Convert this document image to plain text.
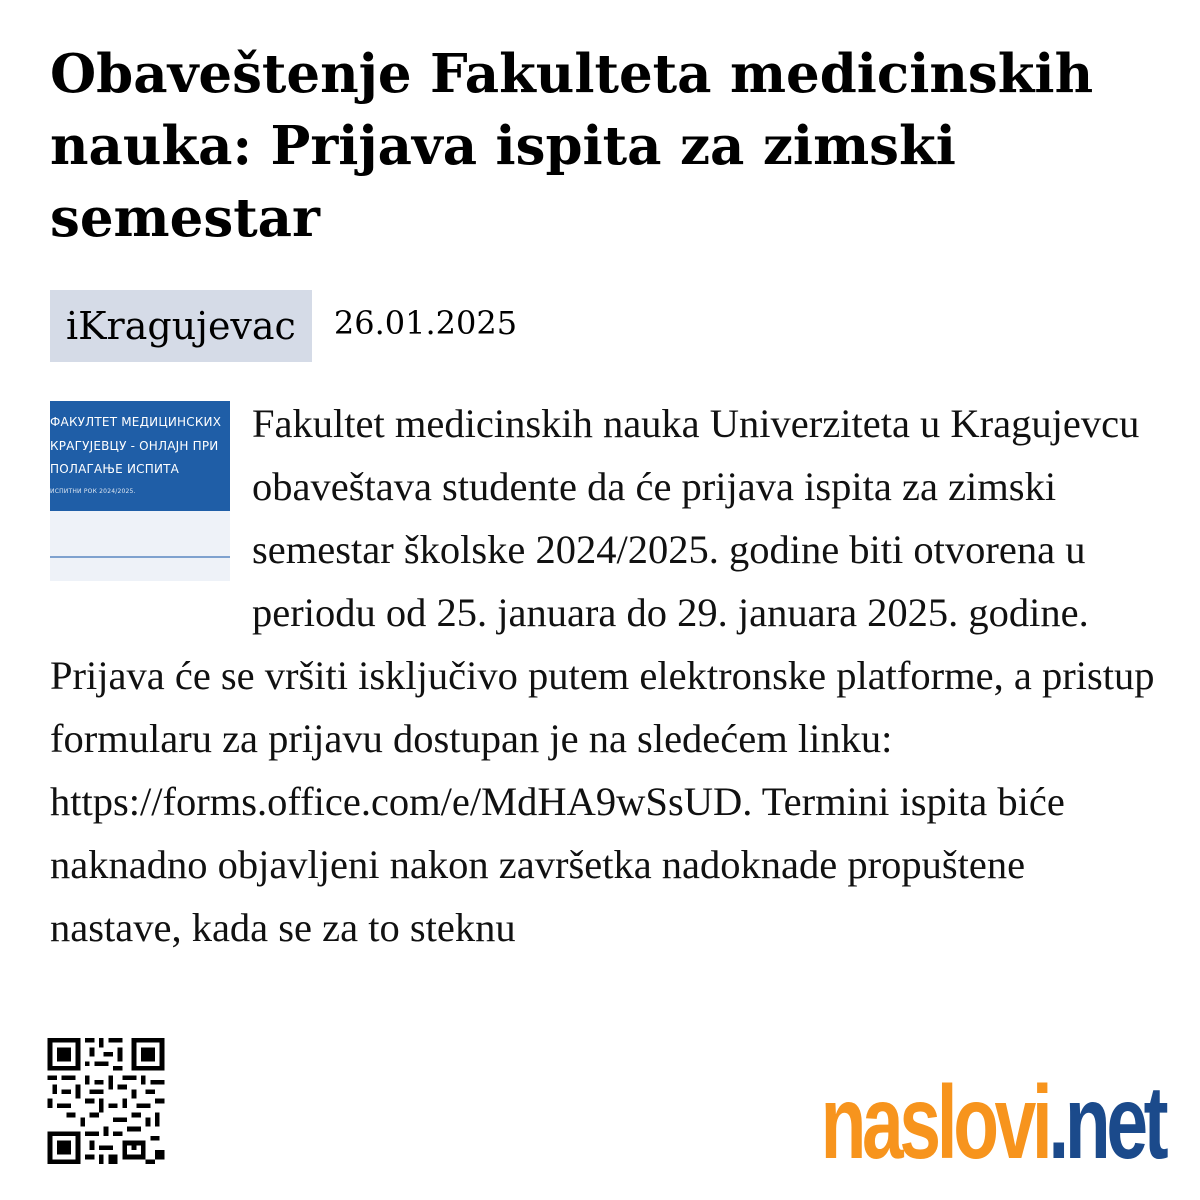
Obaveštenje Fakulteta medicinskih nauka: Prijava ispita za zimski semestar
iKragujevac	26.01.2025
ФАКУЛТЕТ МЕДИЦИНСКИХ
КРАГУЈЕВЦУ - ОНЛАЈН ПРИ
ПОЛАГАЊЕ ИСПИТА
ИСПИТНИ РОК 2024/2025.
Fakultet medicinskih nauka Univerziteta u Kragujevcu obaveštava studente da će prijava ispita za zimski semestar školske 2024/2025. godine biti otvorena u periodu od 25. januara do 29. januara 2025. godine. Prijava će se vršiti isključivo putem elektronske platforme, a pristup formularu za prijavu dostupan je na sledećem linku: https://forms.office.com/e/MdHA9wSsUD. Termini ispita biće naknadno objavljeni nakon završetka nadoknade propuštene nastave, kada se za to steknu
naslovi .net
